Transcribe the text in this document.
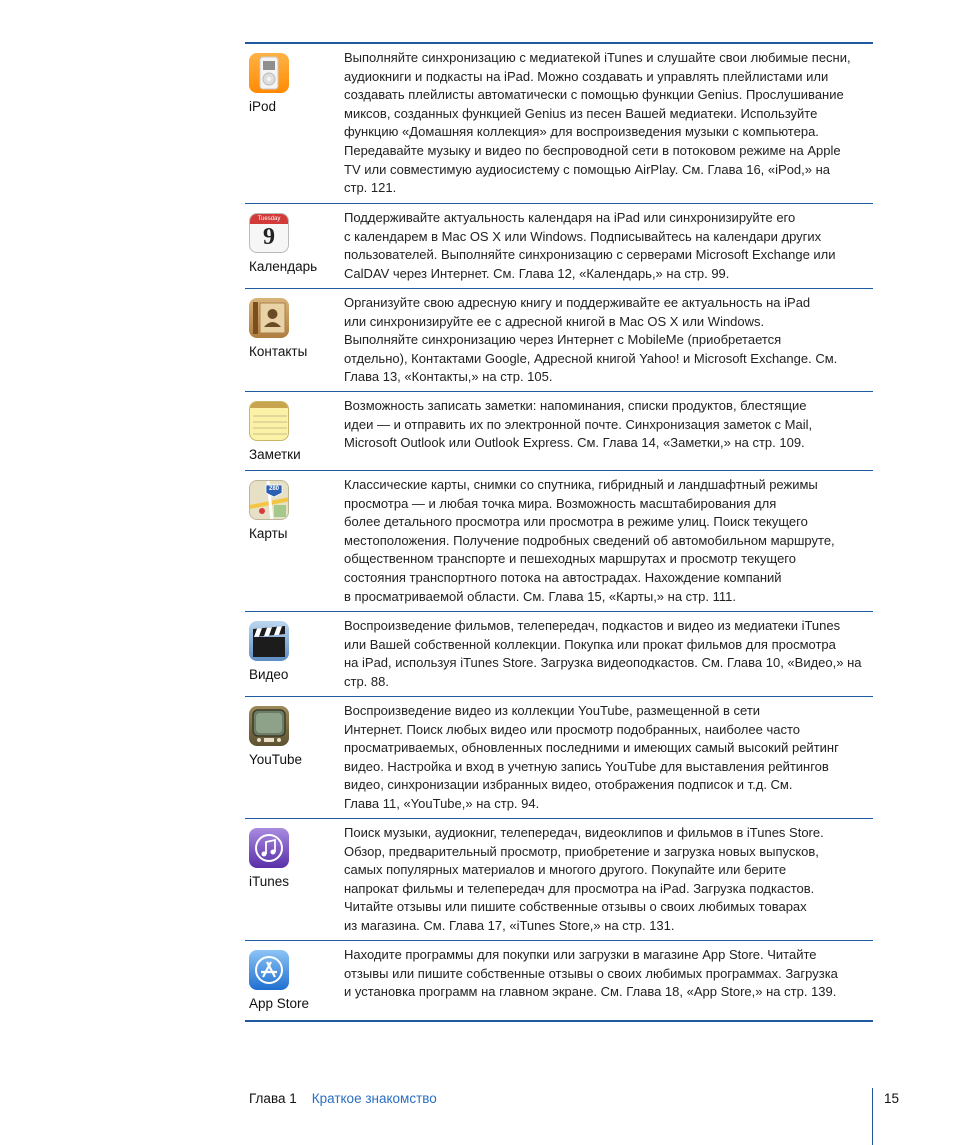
iPod
Выполняйте синхронизацию с медиатекой iTunes и слушайте свои любимые песни,
аудиокниги и подкасты на iPad. Можно создавать и управлять плейлистами или
создавать плейлисты автоматически с помощью функции Genius. Прослушивание
миксов, созданных функцией Genius из песен Вашей медиатеки. Используйте
функцию «Домашняя коллекция» для воспроизведения музыки с компьютера.
Передавайте музыку и видео по беспроводной сети в потоковом режиме на Apple
TV или совместимую аудиосистему с помощью AirPlay. См. Глава 16, «iPod,» на
стр. 121.
Tuesday
9
Календарь
Поддерживайте актуальность календаря на iPad или синхронизируйте его
с календарем в Mac OS X или Windows. Подписывайтесь на календари других
пользователей. Выполняйте синхронизацию с серверами Microsoft Exchange или
CalDAV через Интернет. См. Глава 12, «Календарь,» на стр. 99.
Контакты
Организуйте свою адресную книгу и поддерживайте ее актуальность на iPad
или синхронизируйте ее с адресной книгой в Mac OS X или Windows.
Выполняйте синхронизацию через Интернет с MobileMe (приобретается
отдельно), Контактами Google, Адресной книгой Yahoo! и Microsoft Exchange. См.
Глава 13, «Контакты,» на стр. 105.
Заметки
Возможность записать заметки: напоминания, списки продуктов, блестящие
идеи — и отправить их по электронной почте. Синхронизация заметок с Mail,
Microsoft Outlook или Outlook Express. См. Глава 14, «Заметки,» на стр. 109.
280
Карты
Классические карты, снимки со спутника, гибридный и ландшафтный режимы
просмотра — и любая точка мира. Возможность масштабирования для
более детального просмотра или просмотра в режиме улиц. Поиск текущего
местоположения. Получение подробных сведений об автомобильном маршруте,
общественном транспорте и пешеходных маршрутах и просмотр текущего
состояния транспортного потока на автострадах. Нахождение компаний
в просматриваемой области. См. Глава 15, «Карты,» на стр. 111.
Видео
Воспроизведение фильмов, телепередач, подкастов и видео из медиатеки iTunes
или Вашей собственной коллекции. Покупка или прокат фильмов для просмотра
на iPad, используя iTunes Store. Загрузка видеоподкастов. См. Глава 10, «Видео,» на
стр. 88.
YouTube
Воспроизведение видео из коллекции YouTube, размещенной в сети
Интернет. Поиск любых видео или просмотр подобранных, наиболее часто
просматриваемых, обновленных последними и имеющих самый высокий рейтинг
видео. Настройка и вход в учетную запись YouTube для выставления рейтингов
видео, синхронизации избранных видео, отображения подписок и т.д. См.
Глава 11, «YouTube,» на стр. 94.
iTunes
Поиск музыки, аудиокниг, телепередач, видеоклипов и фильмов в iTunes Store.
Обзор, предварительный просмотр, приобретение и загрузка новых выпусков,
самых популярных материалов и многого другого. Покупайте или берите
напрокат фильмы и телепередач для просмотра на iPad. Загрузка подкастов.
Читайте отзывы или пишите собственные отзывы о своих любимых товарах
из магазина. См. Глава 17, «iTunes Store,» на стр. 131.
App Store
Находите программы для покупки или загрузки в магазине App Store. Читайте
отзывы или пишите собственные отзывы о своих любимых программах. Загрузка
и установка программ на главном экране. См. Глава 18, «App Store,» на стр. 139.
Глава 1 Краткое знакомство	15
